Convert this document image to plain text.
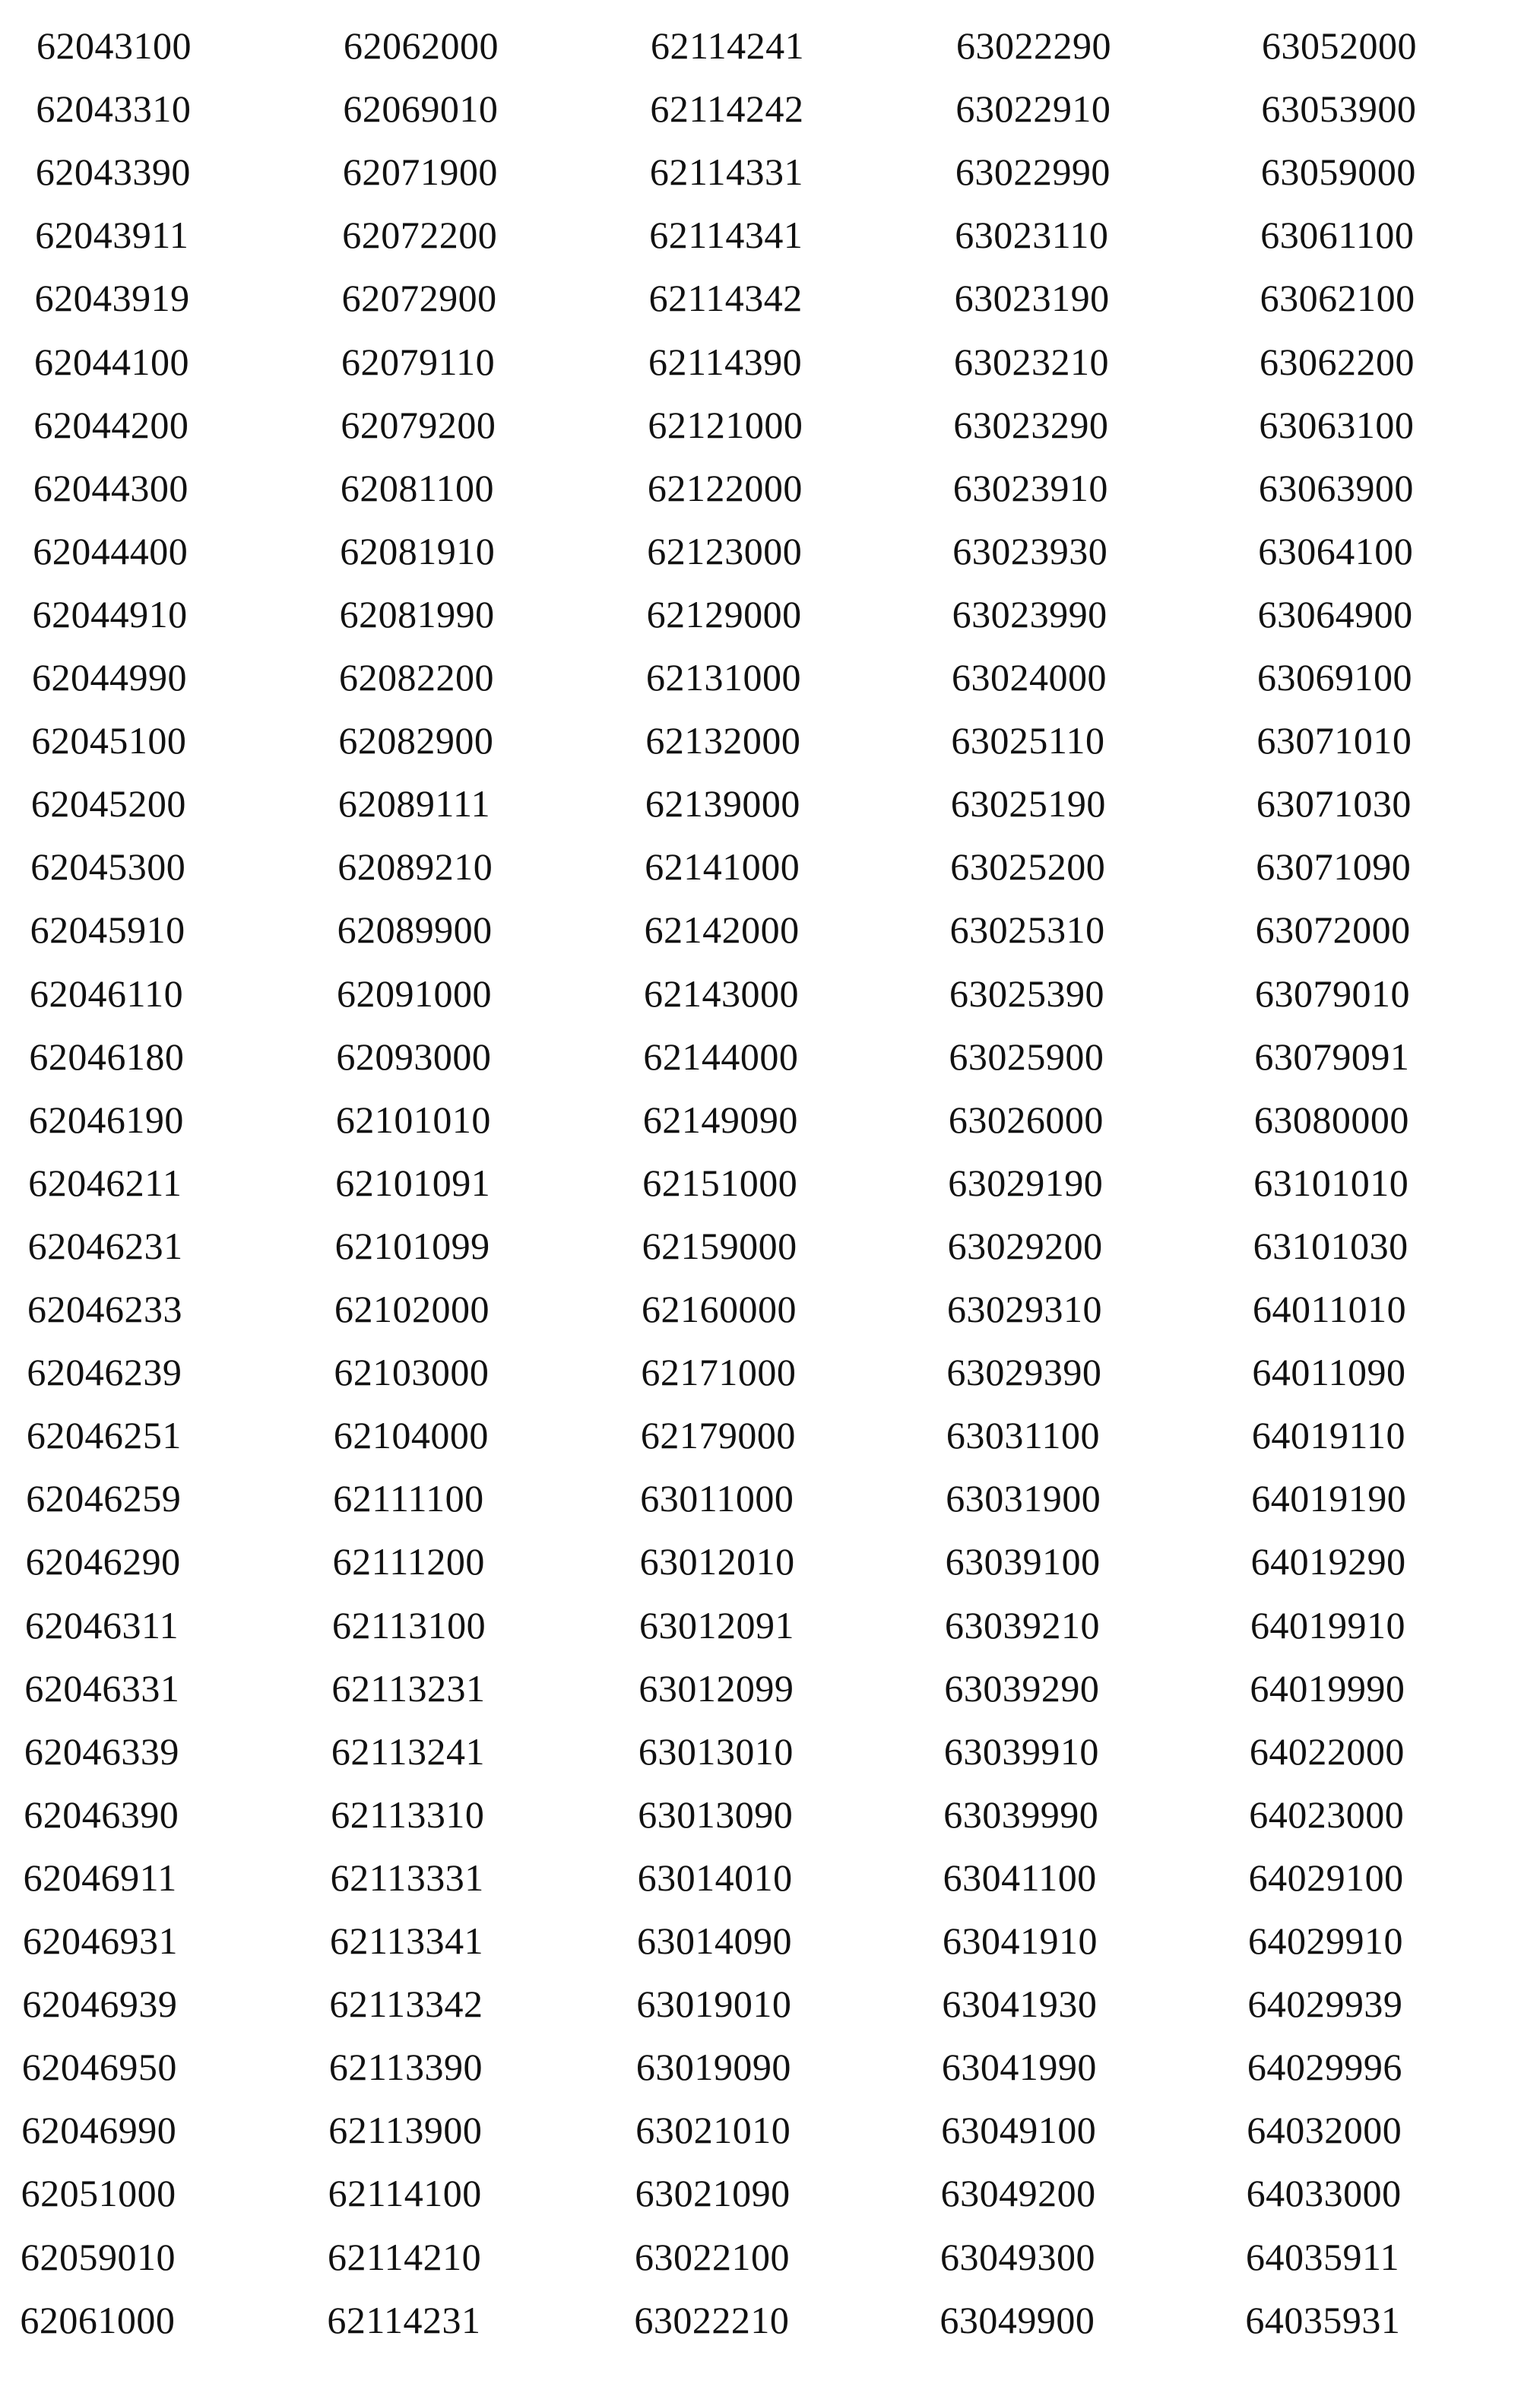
62043100
62043310
62043390
62043911
62043919
62044100
62044200
62044300
62044400
62044910
62044990
62045100
62045200
62045300
62045910
62046110
62046180
62046190
62046211
62046231
62046233
62046239
62046251
62046259
62046290
62046311
62046331
62046339
62046390
62046911
62046931
62046939
62046950
62046990
62051000
62059010
62061000
62062000
62069010
62071900
62072200
62072900
62079110
62079200
62081100
62081910
62081990
62082200
62082900
62089111
62089210
62089900
62091000
62093000
62101010
62101091
62101099
62102000
62103000
62104000
62111100
62111200
62113100
62113231
62113241
62113310
62113331
62113341
62113342
62113390
62113900
62114100
62114210
62114231
62114241
62114242
62114331
62114341
62114342
62114390
62121000
62122000
62123000
62129000
62131000
62132000
62139000
62141000
62142000
62143000
62144000
62149090
62151000
62159000
62160000
62171000
62179000
63011000
63012010
63012091
63012099
63013010
63013090
63014010
63014090
63019010
63019090
63021010
63021090
63022100
63022210
63022290
63022910
63022990
63023110
63023190
63023210
63023290
63023910
63023930
63023990
63024000
63025110
63025190
63025200
63025310
63025390
63025900
63026000
63029190
63029200
63029310
63029390
63031100
63031900
63039100
63039210
63039290
63039910
63039990
63041100
63041910
63041930
63041990
63049100
63049200
63049300
63049900
63052000
63053900
63059000
63061100
63062100
63062200
63063100
63063900
63064100
63064900
63069100
63071010
63071030
63071090
63072000
63079010
63079091
63080000
63101010
63101030
64011010
64011090
64019110
64019190
64019290
64019910
64019990
64022000
64023000
64029100
64029910
64029939
64029996
64032000
64033000
64035911
64035931
